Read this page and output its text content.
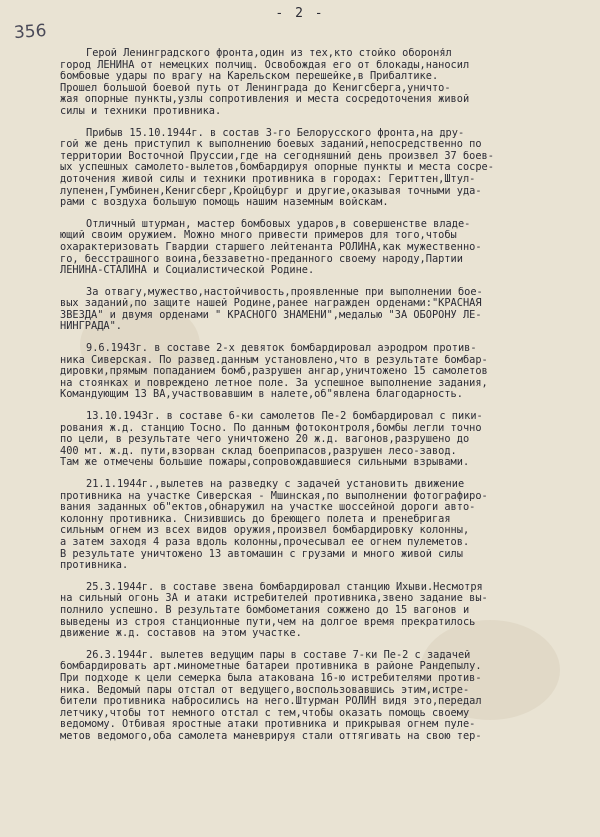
- 2 -
356
Герой Ленинградского фронта,один из тех,кто стойко обороня́л
город ЛЕНИНА от немецких полчищ. Освобождая его от блокады,наносил
бомбовые удары по врагу на Карельском перешейке,в Прибалтике.
Прошел большой боевой путь от Ленинграда до Кенигсберга,уничто-
жая опорные пункты,узлы сопротивления и места сосредоточения живой
силы и техники противника.
Прибыв 15.10.1944г. в состав 3-го Белорусского фронта,на дру-
гой же день приступил к выполнению боевых заданий,непосредственно по
территории Восточной Пруссии,где на сегодняшний день произвел 37 боев-
ых успешных самолето-вылетов,бомбардируя опорные пункты и места сосре-
доточения живой силы и техники противника в городах: Гериттен,Штул-
лупенен,Гумбинен,Кенигсберг,Кройцбург и другие,оказывая точными уда-
рами с воздуха большую помощь нашим наземным войскам.
Отличный штурман, мастер бомбовых ударов,в совершенстве владе-
ющий своим оружием. Можно много привести примеров для того,чтобы
охарактеризовать Гвардии старшего лейтенанта РОЛИНА,как мужественно-
го, бесстрашного воина,беззаветно-преданного своему народу,Партии
ЛЕНИНА-СТАЛИНА и Социалистической Родине.
За отвагу,мужество,настойчивость,проявленные при выполнении бое-
вых заданий,по защите нашей Родине,ранее награжден орденами:"КРАСНАЯ
ЗВЕЗДА" и двумя орденами " КРАСНОГО ЗНАМЕНИ",медалью "ЗА ОБОРОНУ ЛЕ-
НИНГРАДА".
9.6.1943г. в составе 2-х девяток бомбардировал аэродром против-
ника Сиверская. По развед.данным установлено,что в результате бомбар-
дировки,прямым попаданием бомб,разрушен ангар,уничтожено 15 самолетов
на стоянках и повреждено летное поле. За успешное выполнение задания,
Командующим 13 ВА,участвовавшим в налете,об"явлена благодарность.
13.10.1943г. в составе 6-ки самолетов Пе-2 бомбардировал с пики-
рования ж.д. станцию Тосно. По данным фотоконтроля,бомбы легли точно
по цели, в результате чего уничтожено 20 ж.д. вагонов,разрушено до
400 мт. ж.д. пути,взорван склад боеприпасов,разрушен лесо-завод.
Там же отмечены большие пожары,сопровождавшиеся сильными взрывами.
21.1.1944г.,вылетев на разведку с задачей установить движение
противника на участке Сиверская - Мшинская,по выполнении фотографиро-
вания заданных об"ектов,обнаружил на участке шоссейной дороги авто-
колонну противника. Снизившись до бреющего полета и пренебригая
сильным огнем из всех видов оружия,произвел бомбардировку колонны,
а затем заходя 4 раза вдоль колонны,прочесывал ее огнем пулеметов.
В результате уничтожено 13 автомашин с грузами и много живой силы
противника.
25.3.1944г. в составе звена бомбардировал станцию Ихыви.Несмотря
на сильный огонь ЗА и атаки истребителей противника,звено задание вы-
полнило успешно. В результате бомбометания сожжено до 15 вагонов и
выведены из строя станционные пути,чем на долгое время прекратилось
движение ж.д. составов на этом участке.
26.3.1944г. вылетев ведущим пары в составе 7-ки Пе-2 с задачей
бомбардировать арт.минометные батареи противника в районе Рандепылу.
При подходе к цели семерка была атакована 16-ю истребителями против-
ника. Ведомый пары отстал от ведущего,воспользовавшись этим,истре-
бители противника набросились на него.Штурман РОЛИН видя это,передал
летчику,чтобы тот немного отстал с тем,чтобы оказать помощь своему
ведомому. Отбивая яростные атаки противника и прикрывая огнем пуле-
метов ведомого,оба самолета маневрируя стали оттягивать на свою тер-
